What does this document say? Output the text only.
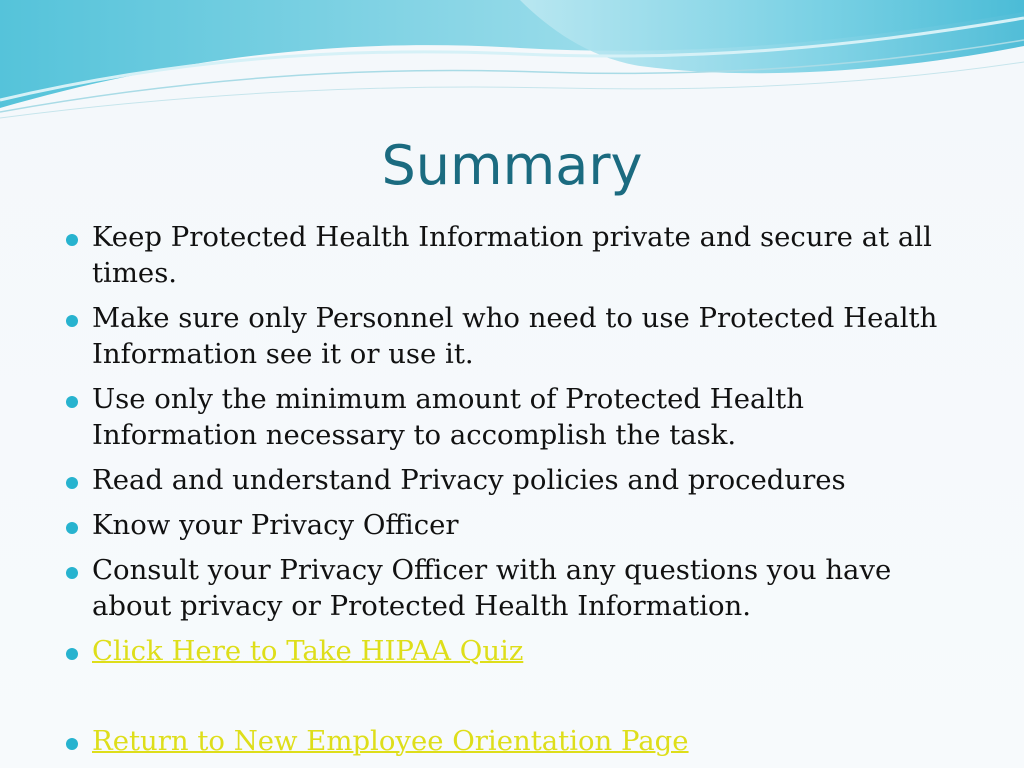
Summary
Keep Protected Health Information private and secure at all times.
Make sure only Personnel who need to use Protected Health Information see it or use it.
Use only the minimum amount of Protected Health Information necessary to accomplish the task.
Read and understand Privacy policies and procedures
Know your Privacy Officer
Consult your Privacy Officer with any questions you have about privacy or Protected Health Information.
Click Here to Take HIPAA Quiz
Return to New Employee Orientation Page
